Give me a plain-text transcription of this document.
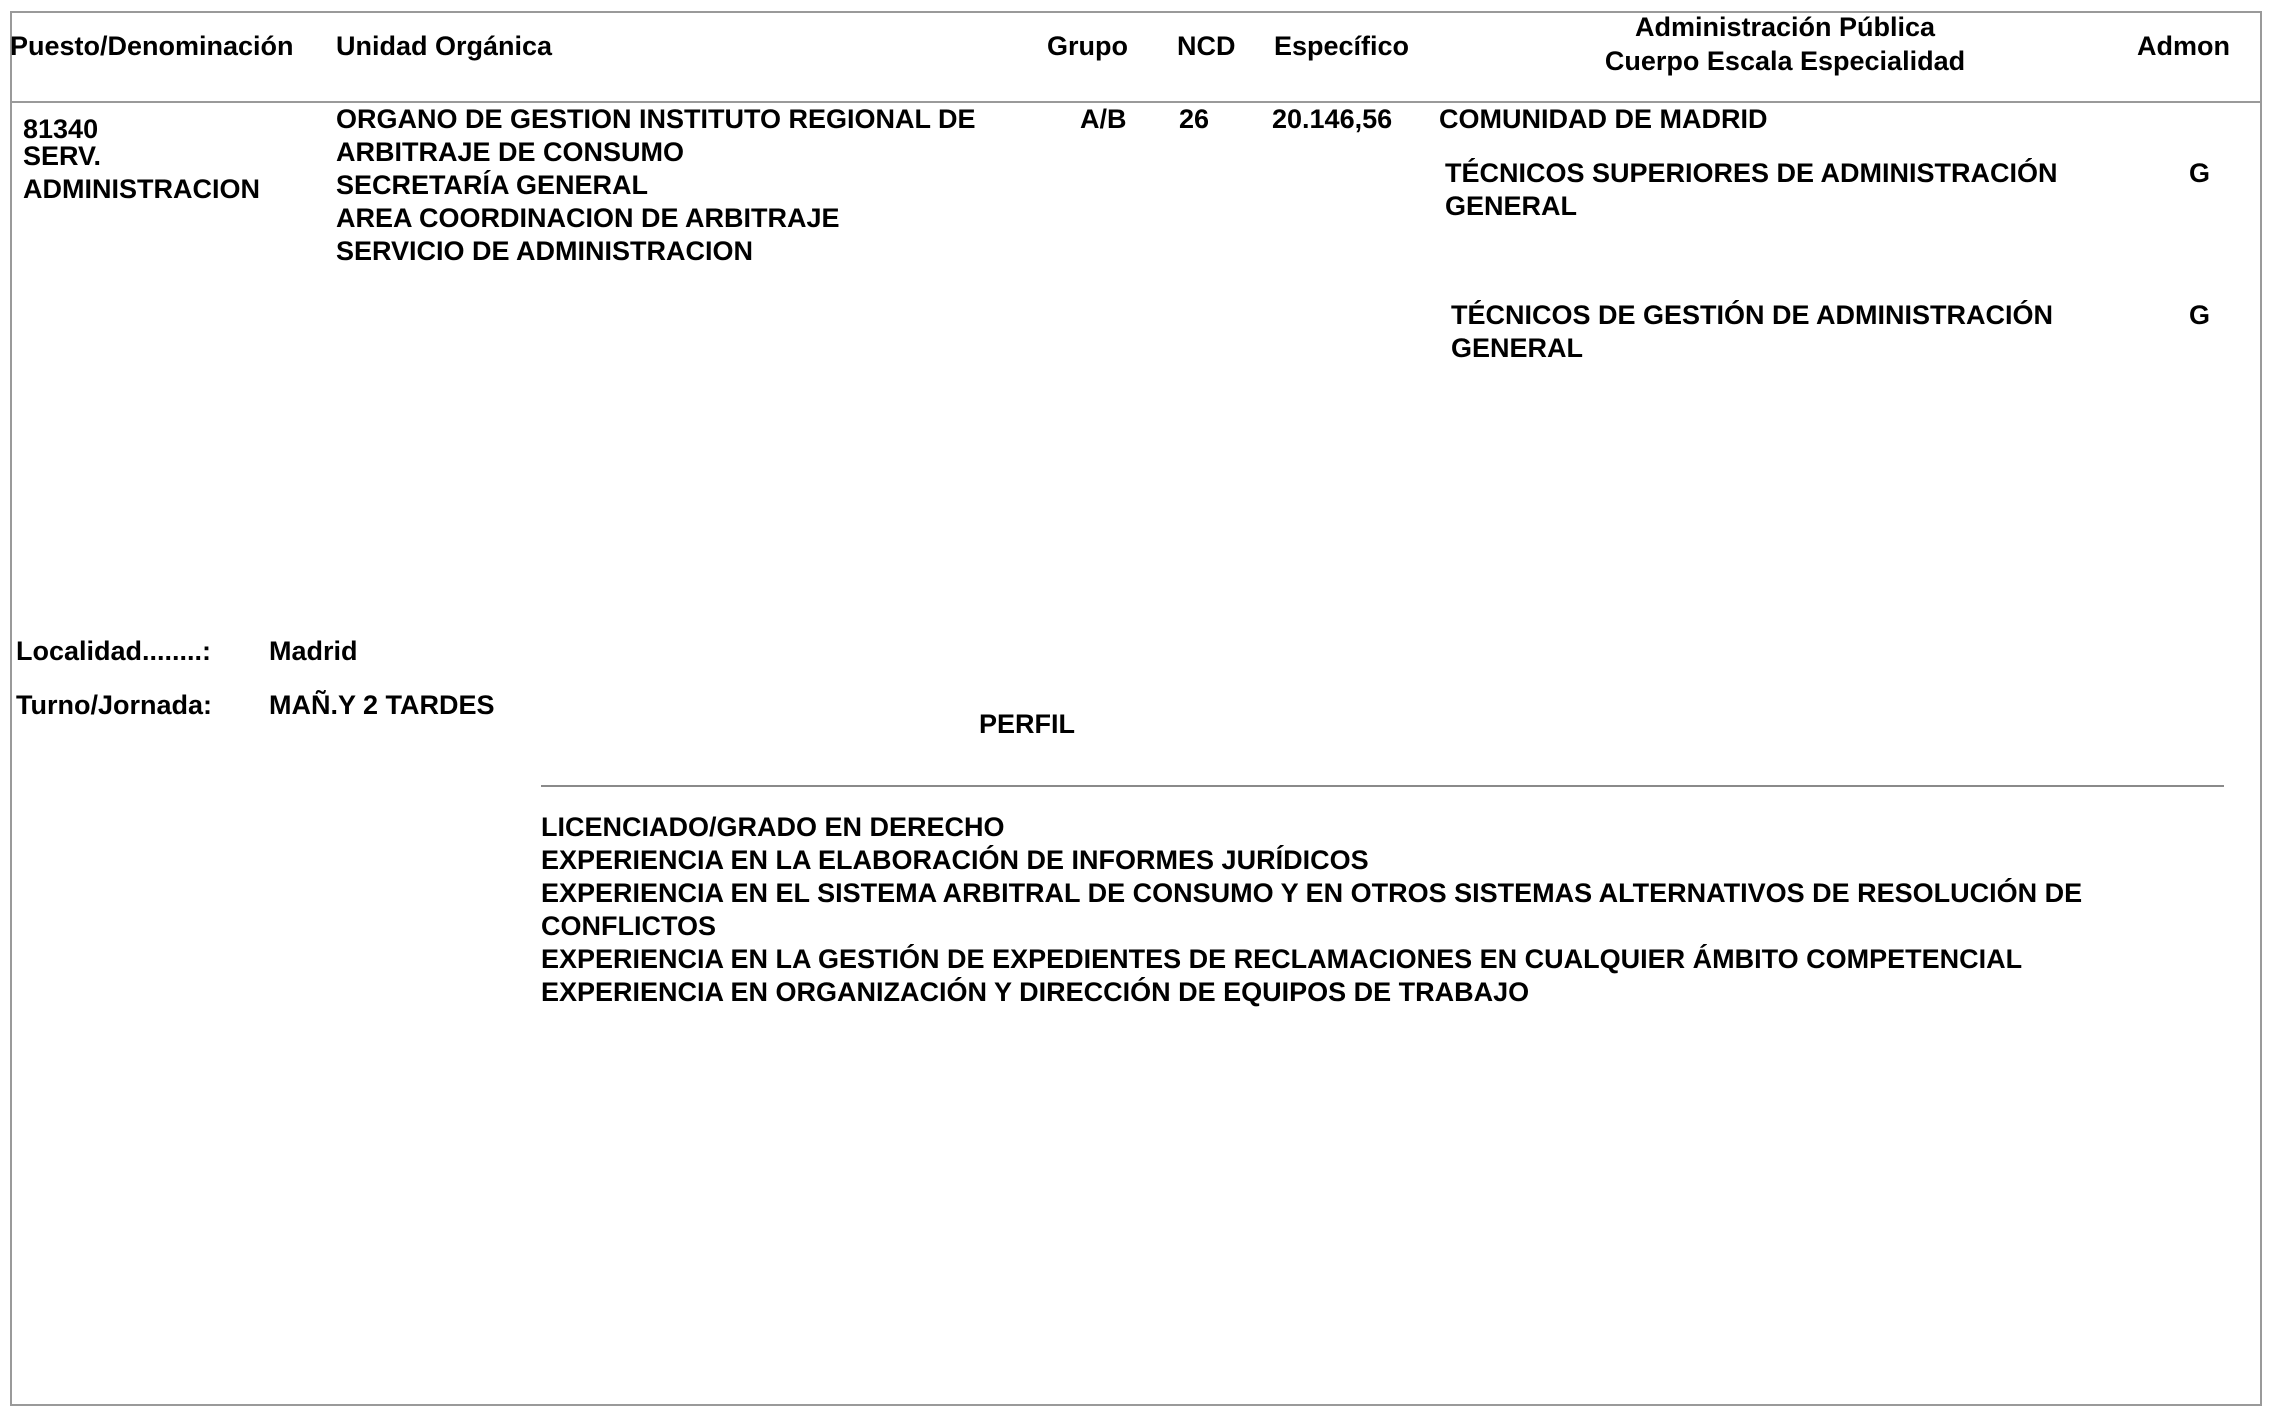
Puesto/Denominación Unidad Orgánica	Grupo NCD Específico
Administración Pública
Cuerpo Escala Especialidad	Admon
81340
SERV.
ADMINISTRACION
ORGANO DE GESTION INSTITUTO REGIONAL DE
ARBITRAJE DE CONSUMO
SECRETARÍA GENERAL
AREA COORDINACION DE ARBITRAJE
SERVICIO DE ADMINISTRACION
A/B 26 20.146,56 COMUNIDAD DE MADRID
TÉCNICOS SUPERIORES DE ADMINISTRACIÓN
GENERAL
G
TÉCNICOS DE GESTIÓN DE ADMINISTRACIÓN
GENERAL
G
Localidad........: Madrid
Turno/Jornada: MAÑ.Y 2 TARDES
PERFIL
LICENCIADO/GRADO EN DERECHO
EXPERIENCIA EN LA ELABORACIÓN DE INFORMES JURÍDICOS
EXPERIENCIA EN EL SISTEMA ARBITRAL DE CONSUMO Y EN OTROS SISTEMAS ALTERNATIVOS DE RESOLUCIÓN DE
CONFLICTOS
EXPERIENCIA EN LA GESTIÓN DE EXPEDIENTES DE RECLAMACIONES EN CUALQUIER ÁMBITO COMPETENCIAL
EXPERIENCIA EN ORGANIZACIÓN Y DIRECCIÓN DE EQUIPOS DE TRABAJO
